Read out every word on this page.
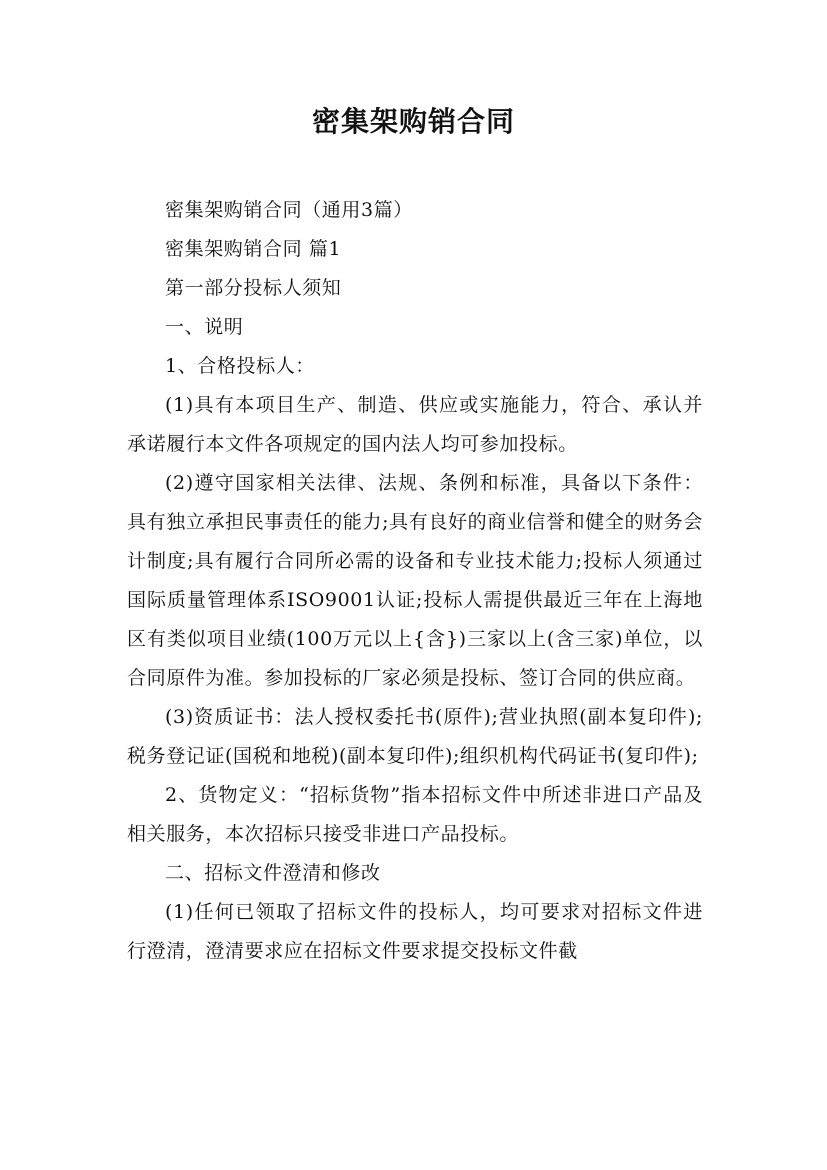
密集架购销合同

密集架购销合同（通用3篇）

密集架购销合同 篇1

第一部分投标人须知

一、说明

1、合格投标人：

(1)具有本项目生产、制造、供应或实施能力，符合、承认并承诺履行本文件各项规定的国内法人均可参加投标。

(2)遵守国家相关法律、法规、条例和标准，具备以下条件：具有独立承担民事责任的能力;具有良好的商业信誉和健全的财务会计制度;具有履行合同所必需的设备和专业技术能力;投标人须通过国际质量管理体系ISO9001认证;投标人需提供最近三年在上海地区有类似项目业绩(100万元以上{含})三家以上(含三家)单位，以合同原件为准。参加投标的厂家必须是投标、签订合同的供应商。

(3)资质证书：法人授权委托书(原件);营业执照(副本复印件);税务登记证(国税和地税)(副本复印件);组织机构代码证书(复印件);

2、货物定义：“招标货物”指本招标文件中所述非进口产品及相关服务，本次招标只接受非进口产品投标。

二、招标文件澄清和修改

(1)任何已领取了招标文件的投标人，均可要求对招标文件进行澄清，澄清要求应在招标文件要求提交投标文件截
